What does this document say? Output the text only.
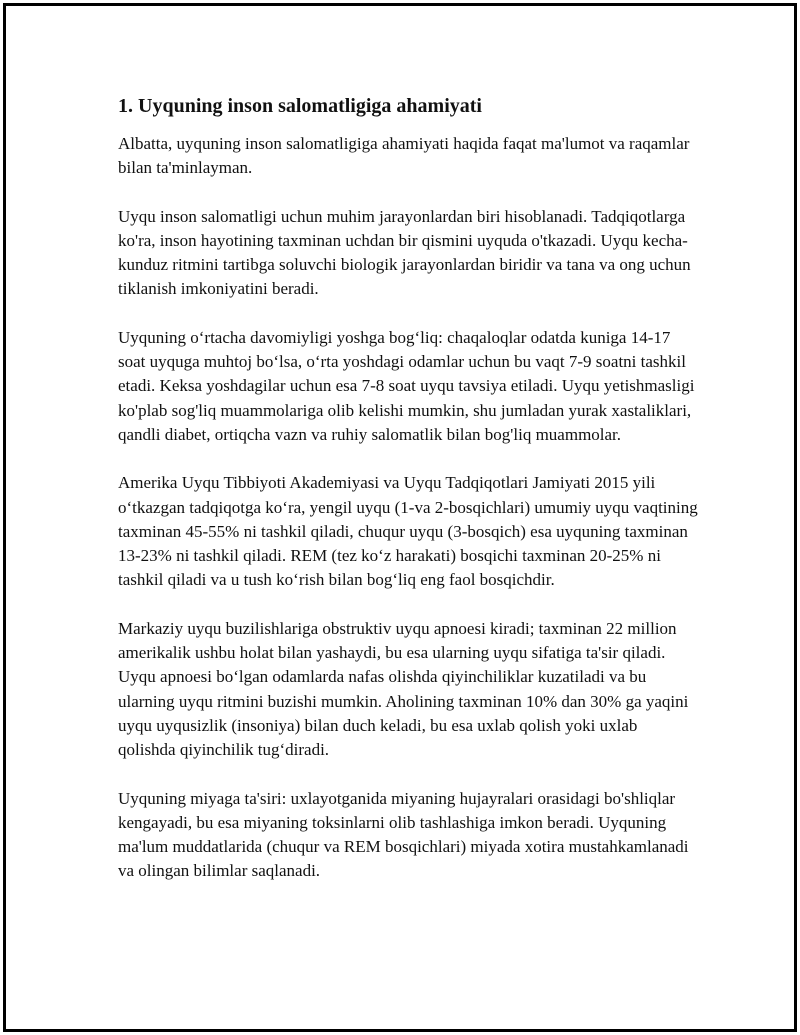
1. Uyquning inson salomatligiga ahamiyati

Albatta, uyquning inson salomatligiga ahamiyati haqida faqat ma'lumot va raqamlar bilan ta'minlayman.

Uyqu inson salomatligi uchun muhim jarayonlardan biri hisoblanadi. Tadqiqotlarga ko'ra, inson hayotining taxminan uchdan bir qismini uyquda o'tkazadi. Uyqu kecha-kunduz ritmini tartibga soluvchi biologik jarayonlardan biridir va tana va ong uchun tiklanish imkoniyatini beradi.

Uyquning o‘rtacha davomiyligi yoshga bog‘liq: chaqaloqlar odatda kuniga 14-17 soat uyquga muhtoj bo‘lsa, o‘rta yoshdagi odamlar uchun bu vaqt 7-9 soatni tashkil etadi. Keksa yoshdagilar uchun esa 7-8 soat uyqu tavsiya etiladi. Uyqu yetishmasligi ko'plab sog'liq muammolariga olib kelishi mumkin, shu jumladan yurak xastaliklari, qandli diabet, ortiqcha vazn va ruhiy salomatlik bilan bog'liq muammolar.

Amerika Uyqu Tibbiyoti Akademiyasi va Uyqu Tadqiqotlari Jamiyati 2015 yili o‘tkazgan tadqiqotga ko‘ra, yengil uyqu (1-va 2-bosqichlari) umumiy uyqu vaqtining taxminan 45-55% ni tashkil qiladi, chuqur uyqu (3-bosqich) esa uyquning taxminan 13-23% ni tashkil qiladi. REM (tez ko‘z harakati) bosqichi taxminan 20-25% ni tashkil qiladi va u tush ko‘rish bilan bog‘liq eng faol bosqichdir.

Markaziy uyqu buzilishlariga obstruktiv uyqu apnoesi kiradi; taxminan 22 million amerikalik ushbu holat bilan yashaydi, bu esa ularning uyqu sifatiga ta'sir qiladi. Uyqu apnoesi bo‘lgan odamlarda nafas olishda qiyinchiliklar kuzatiladi va bu ularning uyqu ritmini buzishi mumkin. Aholining taxminan 10% dan 30% ga yaqini uyqu uyqusizlik (insoniya) bilan duch keladi, bu esa uxlab qolish yoki uxlab qolishda qiyinchilik tug‘diradi.

Uyquning miyaga ta'siri: uxlayotganida miyaning hujayralari orasidagi bo'shliqlar kengayadi, bu esa miyaning toksinlarni olib tashlashiga imkon beradi. Uyquning ma'lum muddatlarida (chuqur va REM bosqichlari) miyada xotira mustahkamlanadi va olingan bilimlar saqlanadi.
